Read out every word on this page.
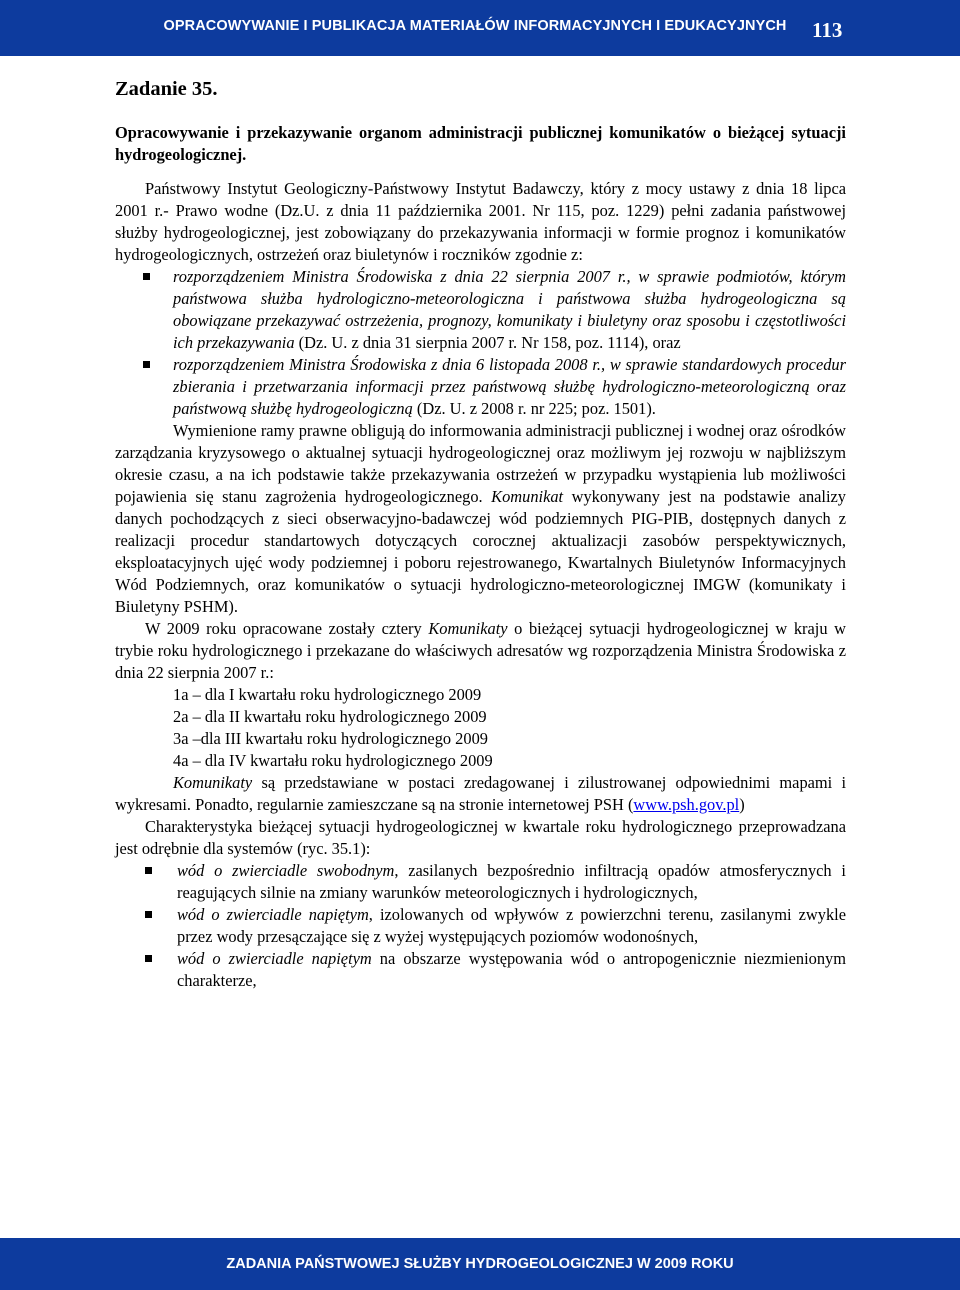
OPRACOWYWANIE I PUBLIKACJA MATERIAŁÓW INFORMACYJNYCH I EDUKACYJNYCH	113
Zadanie 35.
Opracowywanie i przekazywanie organom administracji publicznej komunikatów o bieżącej sytuacji hydrogeologicznej.

Państwowy Instytut Geologiczny-Państwowy Instytut Badawczy, który z mocy ustawy z dnia 18 lipca 2001 r.- Prawo wodne (Dz.U. z dnia 11 października 2001. Nr 115, poz. 1229) pełni zadania państwowej służby hydrogeologicznej, jest zobowiązany do przekazywania informacji w formie prognoz i komunikatów hydrogeologicznych, ostrzeżeń oraz biuletynów i roczników zgodnie z:

rozporządzeniem Ministra Środowiska z dnia 22 sierpnia 2007 r., w sprawie podmiotów, którym państwowa służba hydrologiczno-meteorologiczna i państwowa służba hydrogeologiczna są obowiązane przekazywać ostrzeżenia, prognozy, komunikaty i biuletyny oraz sposobu i częstotliwości ich przekazywania (Dz. U. z dnia 31 sierpnia 2007 r. Nr 158, poz. 1114), oraz
rozporządzeniem Ministra Środowiska z dnia 6 listopada 2008 r., w sprawie standardowych procedur zbierania i przetwarzania informacji przez państwową służbę hydrologiczno-meteorologiczną oraz państwową służbę hydrogeologiczną (Dz. U. z 2008 r. nr 225; poz. 1501).

Wymienione ramy prawne obligują do informowania administracji publicznej i wodnej oraz ośrodków zarządzania kryzysowego o aktualnej sytuacji hydrogeologicznej oraz możliwym jej rozwoju w najbliższym okresie czasu, a na ich podstawie także przekazywania ostrzeżeń w przypadku wystąpienia lub możliwości pojawienia się stanu zagrożenia hydrogeologicznego. Komunikat wykonywany jest na podstawie analizy danych pochodzących z sieci obserwacyjno-badawczej wód podziemnych PIG-PIB, dostępnych danych z realizacji procedur standartowych dotyczących corocznej aktualizacji zasobów perspektywicznych, eksploatacyjnych ujęć wody podziemnej i poboru rejestrowanego, Kwartalnych Biuletynów Informacyjnych Wód Podziemnych, oraz komunikatów o sytuacji hydrologiczno-meteorologicznej IMGW (komunikaty i Biuletyny PSHM).

W 2009 roku opracowane zostały cztery Komunikaty o bieżącej sytuacji hydrogeologicznej w kraju w trybie roku hydrologicznego i przekazane do właściwych adresatów wg rozporządzenia Ministra Środowiska z dnia 22 sierpnia 2007 r.:

1a – dla I kwartału roku hydrologicznego 2009
2a – dla II kwartału roku hydrologicznego 2009
3a –dla III kwartału roku hydrologicznego 2009
4a – dla IV kwartału roku hydrologicznego 2009

Komunikaty są przedstawiane w postaci zredagowanej i zilustrowanej odpowiednimi mapami i wykresami. Ponadto, regularnie zamieszczane są na stronie internetowej PSH (www.psh.gov.pl)

Charakterystyka bieżącej sytuacji hydrogeologicznej w kwartale roku hydrologicznego przeprowadzana jest odrębnie dla systemów (ryc. 35.1):

wód o zwierciadle swobodnym, zasilanych bezpośrednio infiltracją opadów atmosferycznych i reagujących silnie na zmiany warunków meteorologicznych i hydrologicznych,
wód o zwierciadle napiętym, izolowanych od wpływów z powierzchni terenu, zasilanymi zwykle przez wody przesączające się z wyżej występujących poziomów wodonośnych,
wód o zwierciadle napiętym na obszarze występowania wód o antropogenicznie niezmienionym charakterze,
ZADANIA PAŃSTWOWEJ SŁUŻBY HYDROGEOLOGICZNEJ W 2009 ROKU
